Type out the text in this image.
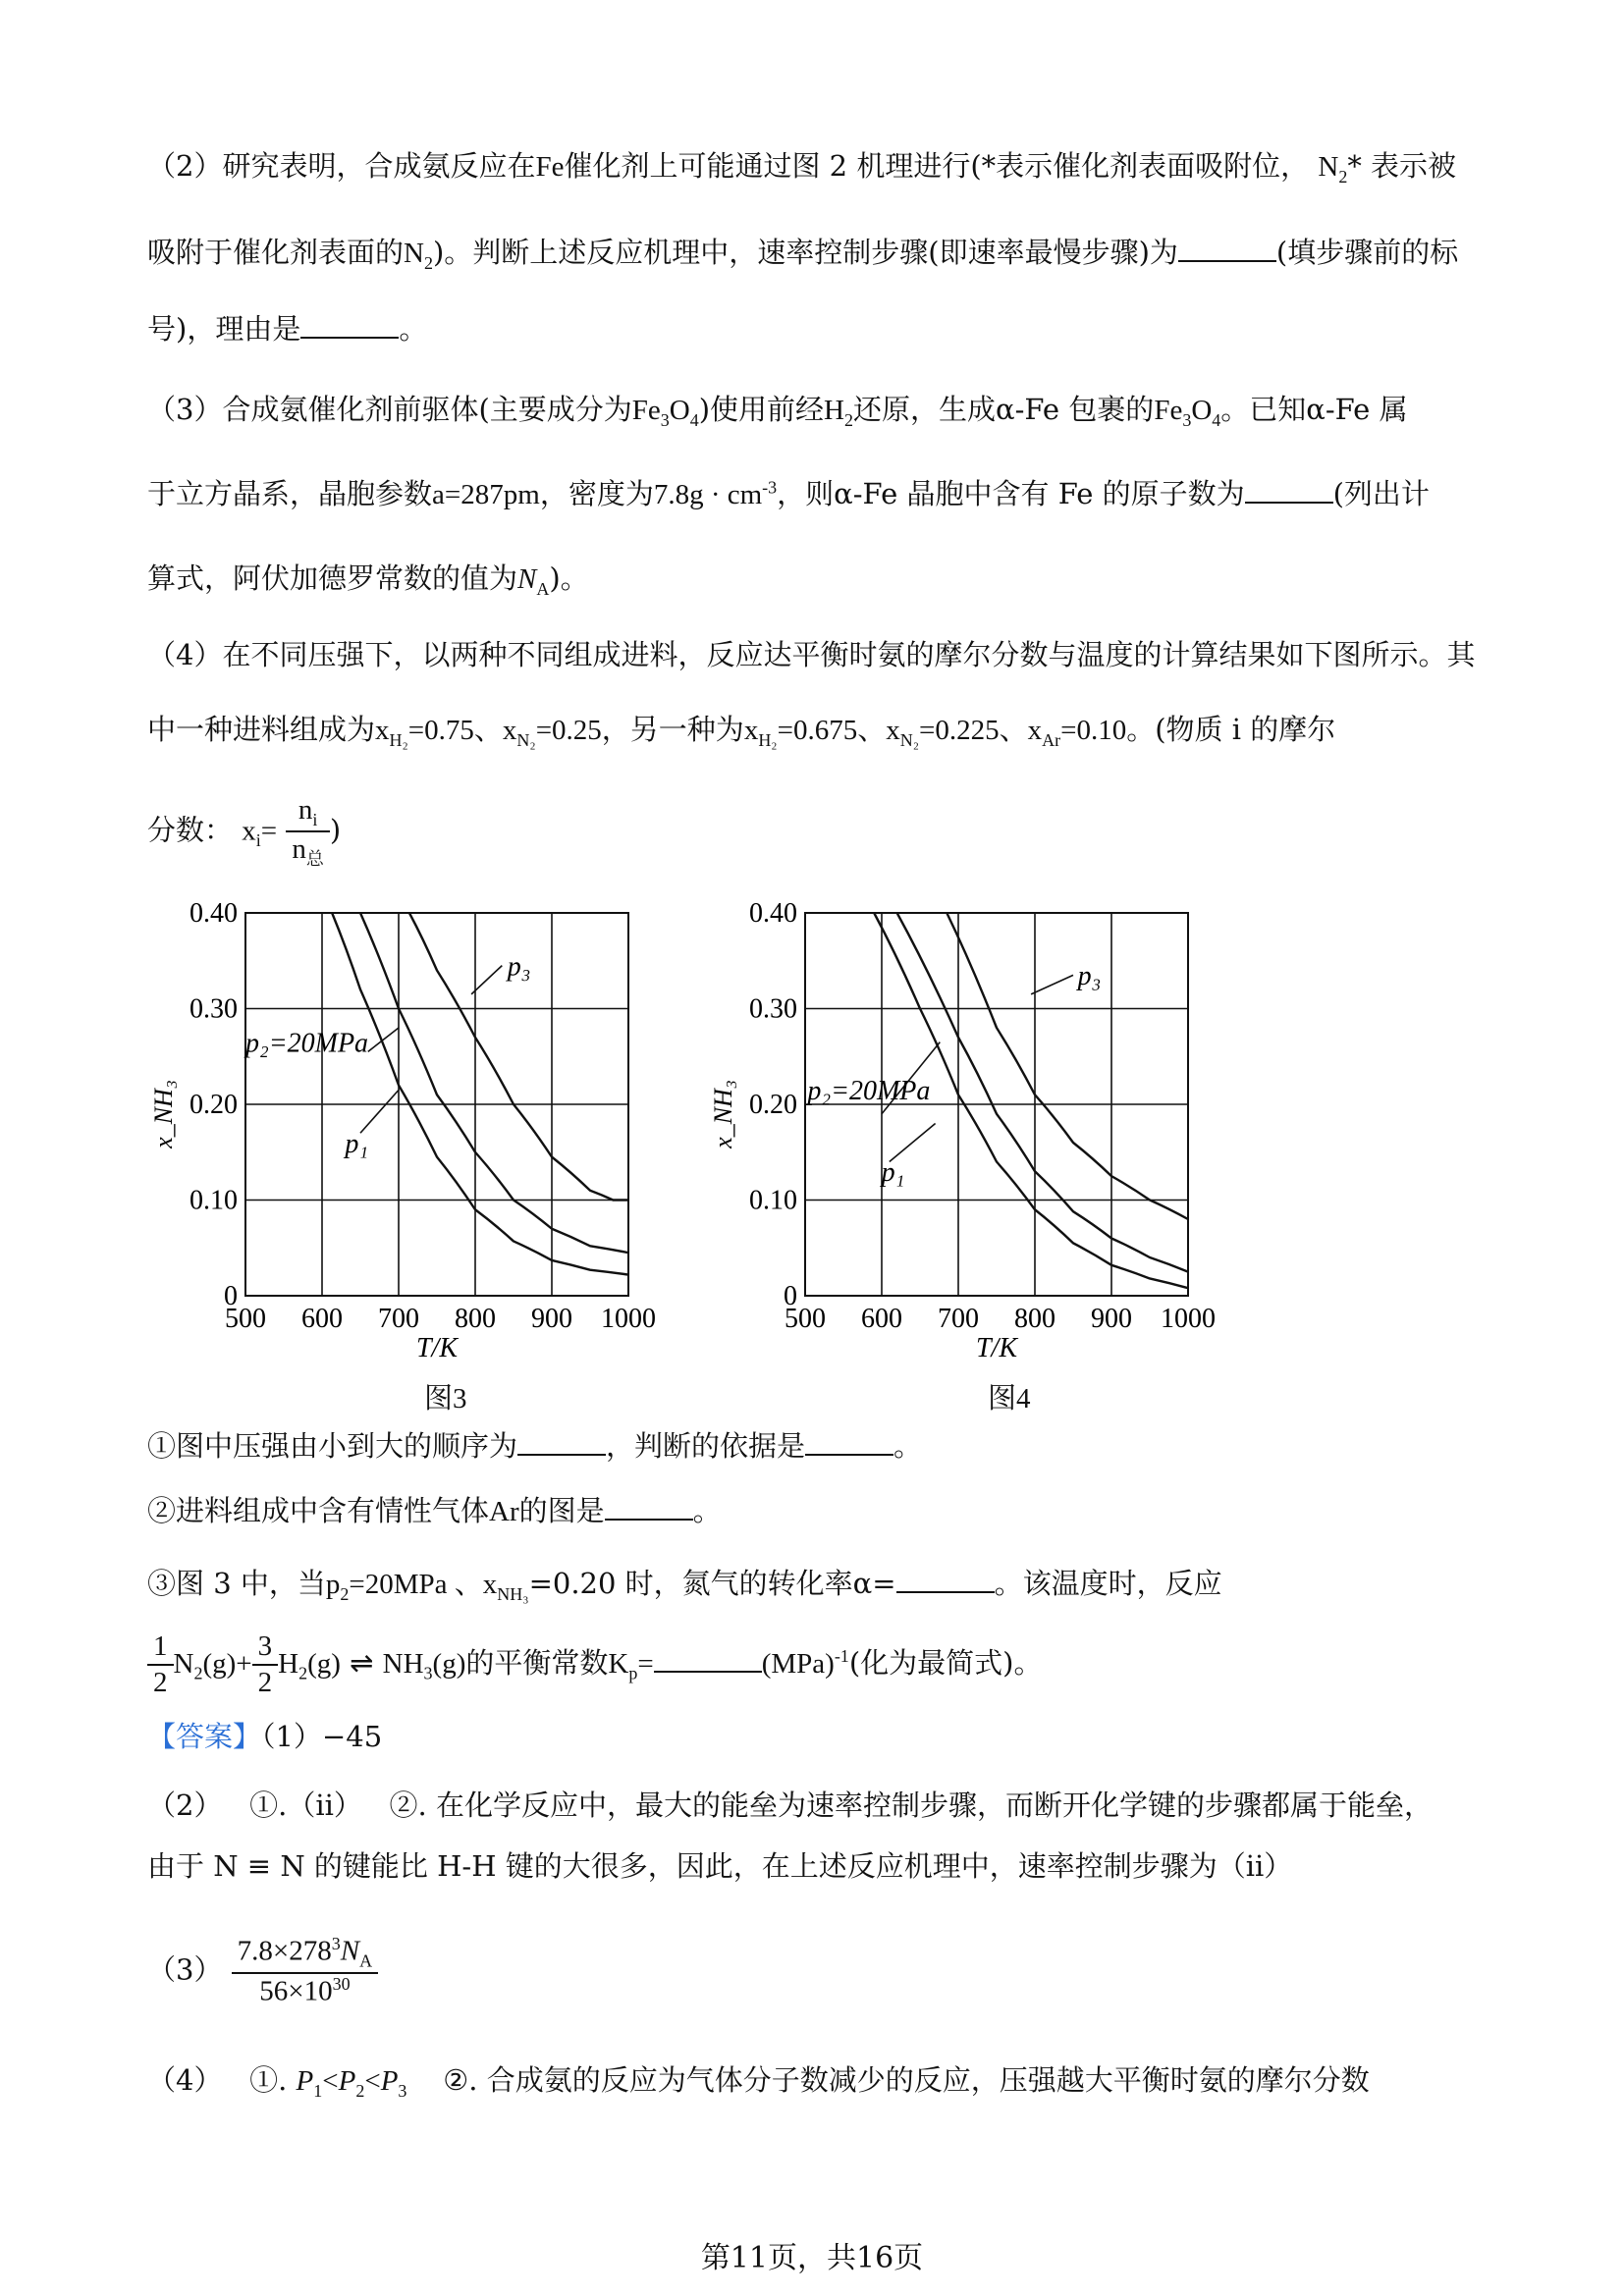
（2）研究表明，合成氨反应在Fe催化剂上可能通过图 2 机理进行(*表示催化剂表面吸附位， $N_2*$ 表示被
吸附于催化剂表面的$N_2$)。判断上述反应机理中，速率控制步骤(即速率最慢步骤)为	(填步骤前的标
号)，理由是	。
（3）合成氨催化剂前驱体(主要成分为$Fe_3O_4$)使用前经$H_2$还原，生成α-Fe 包裹的$Fe_3O_4$。已知α-Fe 属
于立方晶系，晶胞参数a=287pm，密度为$7.8g \cdot cm^{-3}$，则α-Fe 晶胞中含有 Fe 的原子数为	(列出计
算式，阿伏加德罗常数的值为$N_A$)。
（4）在不同压强下，以两种不同组成进料，反应达平衡时氨的摩尔分数与温度的计算结果如下图所示。其
中一种进料组成为$x_{H_2}=0.75$、$x_{N_2}=0.25$，另一种为$x_{H_2}=0.675$、$x_{N_2}=0.225$、$x_{Ar}=0.10$。(物质 i 的摩尔
分数： $x_i= \frac{n_i}{n_总}$ )
500 600 700 800 900 1000
0
0.10
0.20
0.30
0.40
T/K
x_NH₃
p₃
p₂=20MPa
p₁
500 600 700 800 900 1000
0
0.10
0.20
0.30
0.40
T/K
x_NH₃
p₃
p₂=20MPa
p₁
图3	图4
①图中压强由小到大的顺序为	，判断的依据是	。
②进料组成中含有情性气体Ar的图是	。
③图 3 中，当$p_2=20MPa$ 、$x_{NH_3}=0.20$ 时，氮气的转化率α=	。该温度时，反应
$\frac{1}{2} N_2(g)+ \frac{3}{2} H_2(g)$ ⇌ $NH_3(g)$的平衡常数$K_p=$	(MPa)$^{-1}$(化为最简式)。
【答案】（1）−45
（2） ①.（ii） ②. 在化学反应中，最大的能垒为速率控制步骤，而断开化学键的步骤都属于能垒，
由于 N ≡ N 的键能比 H-H 键的大很多，因此，在上述反应机理中，速率控制步骤为（ii）
$(3) \frac{7.8\times 278^3N_A}{56\times 10^{30}}$
（4） ①. $P_1<P_2<P_3$ ②. 合成氨的反应为气体分子数减少的反应，压强越大平衡时氨的摩尔分数
第11页，共16页
